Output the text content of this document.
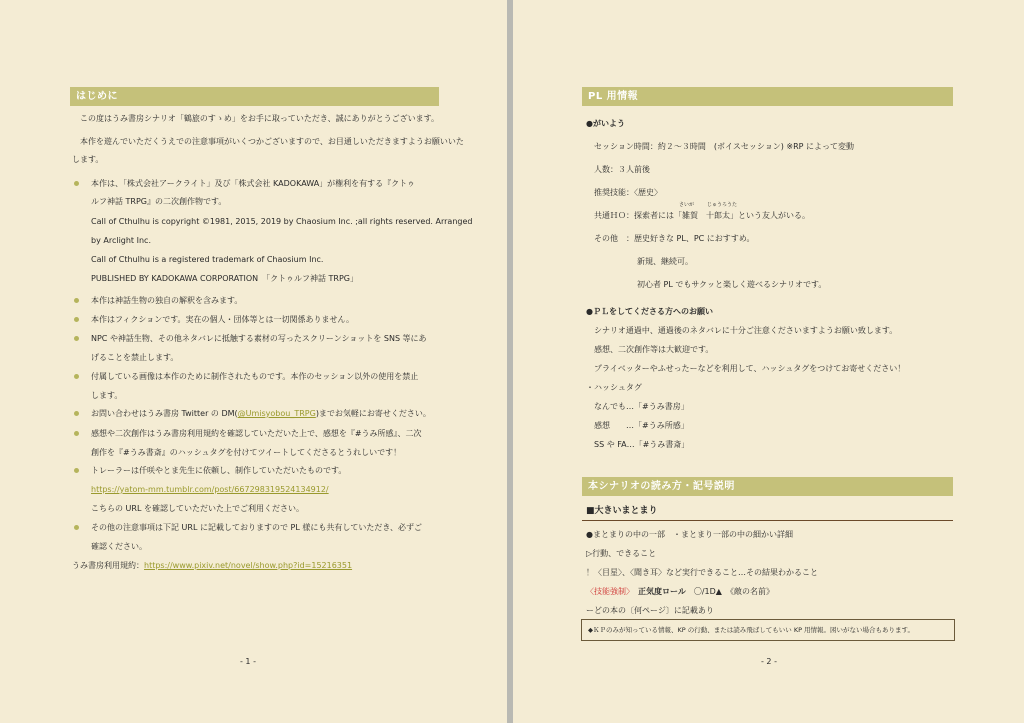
はじめに
この度はうみ書房シナリオ「鶴旅のすゝめ」をお手に取っていただき、誠にありがとうございます。
本作を遊んでいただくうえでの注意事項がいくつかございますので、お目通しいただきますようお願いいた
します。
本作は、「株式会社アークライト」及び「株式会社 KADOKAWA」が権利を有する『クトゥ
ルフ神話 TRPG』の二次創作物です。
Call of Cthulhu is copyright ©1981, 2015, 2019 by Chaosium Inc. ;all rights reserved. Arranged
by Arclight Inc.
Call of Cthulhu is a registered trademark of Chaosium Inc.
PUBLISHED BY KADOKAWA CORPORATION　「クトゥルフ神話 TRPG」
本作は神話生物の独自の解釈を含みます。
本作はフィクションです。実在の個人・団体等とは一切関係ありません。
NPC や神話生物、その他ネタバレに抵触する素材の写ったスクリーンショットを SNS 等にあ
げることを禁止します。
付属している画像は本作のために制作されたものです。本作のセッション以外の使用を禁止
します。
お問い合わせはうみ書房 Twitter の DM(@Umisyobou_TRPG)までお気軽にお寄せください。
感想や二次創作はうみ書房利用規約を確認していただいた上で、感想を『#うみ所感』、二次
創作を『#うみ書斎』のハッシュタグを付けてツイートしてくださるとうれしいです！
トレーラーは仟咲やとま先生に依頼し、制作していただいたものです。
https://yatom-mm.tumblr.com/post/667298319524134912/
こちらの URL を確認していただいた上でご利用ください。
その他の注意事項は下記 URL に記載しておりますので PL 様にも共有していただき、必ずご
確認ください。
うみ書房利用規約：https://www.pixiv.net/novel/show.php?id=15216351
- 1 -
PL 用情報
●がいよう
セッション時間：約２～３時間　(ボイスセッション) ※RP によって変動
人数：３人前後
推奨技能：〈歴史〉
さいが	じゅうろうた
共通ＨＯ：探索者には「雑賀　十郎太」という友人がいる。
その他　：歴史好きな PL、PC におすすめ。
新規、継続可。
初心者 PL でもサクッと楽しく遊べるシナリオです。
●ＰＬをしてくださる方へのお願い
シナリオ通過中、通過後のネタバレに十分ご注意くださいますようお願い致します。
感想、二次創作等は大歓迎です。
プライベッターやふせったーなどを利用して、ハッシュタグをつけてお寄せください！
・ハッシュタグ
なんでも…「#うみ書房」
感想　　…「#うみ所感」
SS や FA…「#うみ書斎」
本シナリオの読み方・記号説明
■大きいまとまり
●まとまりの中の一部　・まとまり一部の中の細かい詳細
▷行動、できること
！〈目星〉、〈聞き耳〉など実行できること…その結果わかること
〈技能強制〉　 正気度ロール　 〇/1D▲　 《敵の名前》
ーどの本の〔何ページ〕に記載あり
◆ＫＰのみが知っている情報、KP の行動、または読み飛ばしてもいい KP 用情報。困いがない場合もあります。
- 2 -
